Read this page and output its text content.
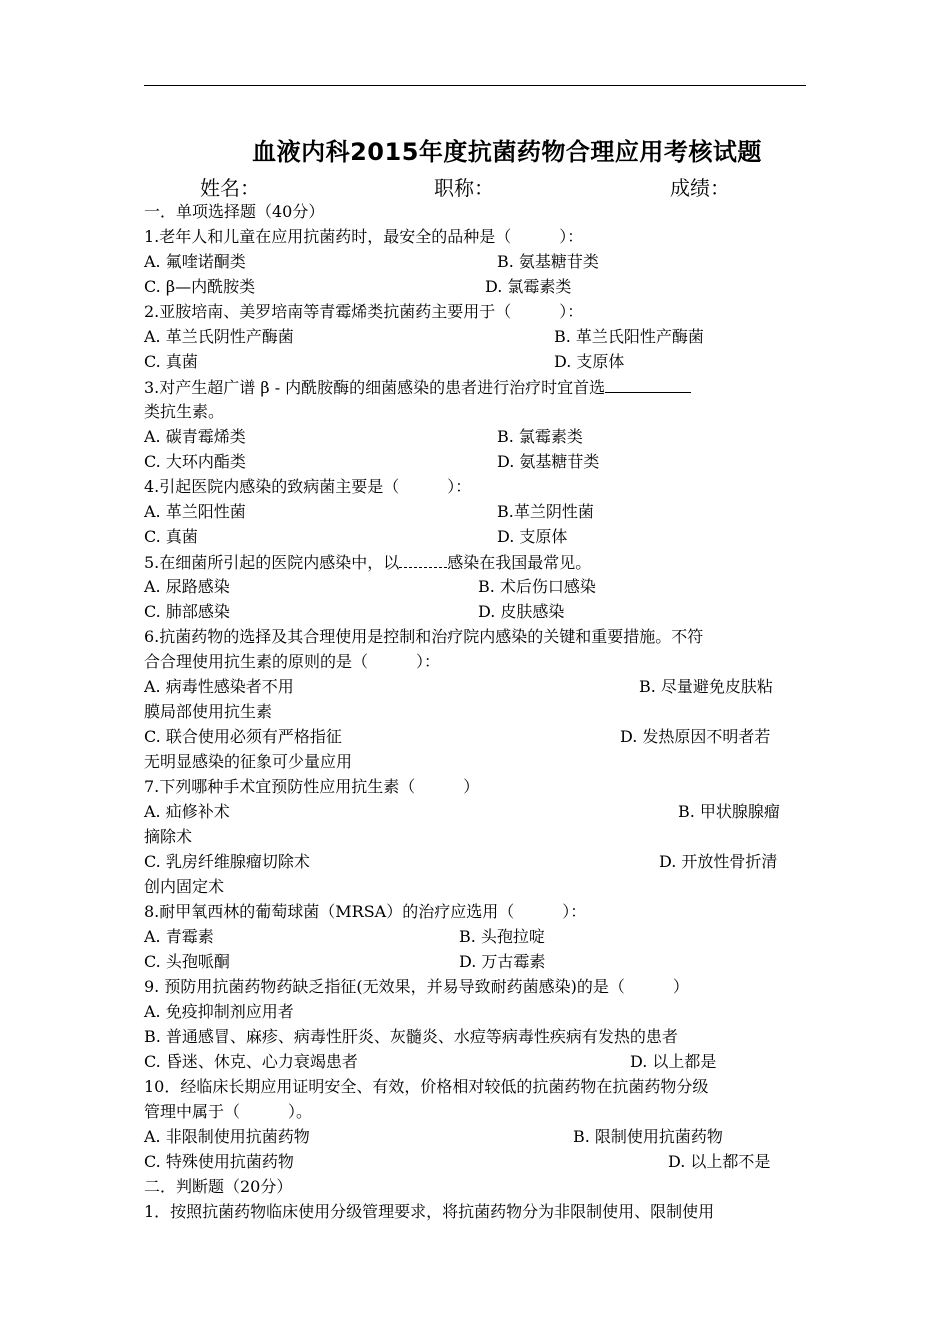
血液内科2015年度抗菌药物合理应用考核试题
姓名：	职称：	成绩：
一．单项选择题（40分）
1.老年人和儿童在应用抗菌药时，最安全的品种是（　　　）：
A. 氟喹诺酮类	B. 氨基糖苷类
C. β—内酰胺类	D. 氯霉素类
2.亚胺培南、美罗培南等青霉烯类抗菌药主要用于（　　　）：
A. 革兰氏阴性产酶菌	B. 革兰氏阳性产酶菌
C. 真菌	D. 支原体
3.对产生超广谱 β - 内酰胺酶的细菌感染的患者进行治疗时宜首选
类抗生素。
A. 碳青霉烯类	B. 氯霉素类
C. 大环内酯类	D. 氨基糖苷类
4.引起医院内感染的致病菌主要是（　　　）：
A. 革兰阳性菌	B.革兰阴性菌
C. 真菌	D. 支原体
5.在细菌所引起的医院内感染中，以	感染在我国最常见。
A. 尿路感染	B. 术后伤口感染
C. 肺部感染	D. 皮肤感染
6.抗菌药物的选择及其合理使用是控制和治疗院内感染的关键和重要措施。不符
合合理使用抗生素的原则的是（　　　）：
A. 病毒性感染者不用	B. 尽量避免皮肤粘
膜局部使用抗生素
C. 联合使用必须有严格指征	D. 发热原因不明者若
无明显感染的征象可少量应用
7.下列哪种手术宜预防性应用抗生素（　　　）
A. 疝修补术	B. 甲状腺腺瘤
摘除术
C. 乳房纤维腺瘤切除术	D. 开放性骨折清
创内固定术
8.耐甲氧西林的葡萄球菌（MRSA）的治疗应选用（　　　）：
A. 青霉素	B. 头孢拉啶
C. 头孢哌酮	D. 万古霉素
9. 预防用抗菌药物药缺乏指征(无效果，并易导致耐药菌感染)的是（　　　）
A. 免疫抑制剂应用者
B. 普通感冒、麻疹、病毒性肝炎、灰髓炎、水痘等病毒性疾病有发热的患者
C. 昏迷、休克、心力衰竭患者	D. 以上都是
10．经临床长期应用证明安全、有效，价格相对较低的抗菌药物在抗菌药物分级
管理中属于（　　　）。
A. 非限制使用抗菌药物	B. 限制使用抗菌药物
C. 特殊使用抗菌药物	D. 以上都不是
二．判断题（20分）
1．按照抗菌药物临床使用分级管理要求，将抗菌药物分为非限制使用、限制使用
